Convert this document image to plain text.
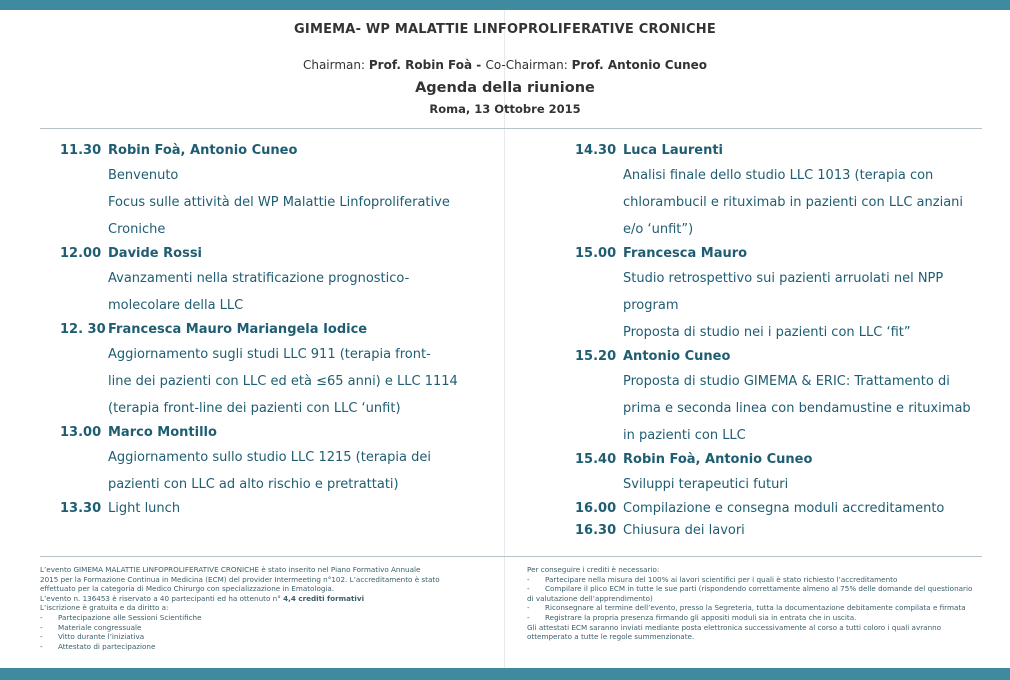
GIMEMA- WP MALATTIE LINFOPROLIFERATIVE CRONICHE
Chairman: Prof. Robin Foà - Co-Chairman: Prof. Antonio Cuneo
Agenda della riunione
Roma, 13 Ottobre 2015
11.30 Robin Foà, Antonio Cuneo
Benvenuto
Focus sulle attività del WP Malattie Linfoproliferative
Croniche
12.00 Davide Rossi
Avanzamenti nella stratificazione prognostico-
molecolare della LLC
12. 30 Francesca Mauro Mariangela Iodice
Aggiornamento sugli studi LLC 911 (terapia front-
line dei pazienti con LLC ed età ≤65 anni) e LLC 1114
(terapia front-line dei pazienti con LLC ‘unfit)
13.00 Marco Montillo
Aggiornamento sullo studio LLC 1215 (terapia dei
pazienti con LLC ad alto rischio e pretrattati)
13.30 Light lunch
14.30 Luca Laurenti
Analisi finale dello studio LLC 1013 (terapia con
chlorambucil e rituximab in pazienti con LLC anziani
e/o ‘unfit”)
15.00 Francesca Mauro
Studio retrospettivo sui pazienti arruolati nel NPP
program
Proposta di studio nei i pazienti con LLC ‘fit”
15.20 Antonio Cuneo
Proposta di studio GIMEMA & ERIC: Trattamento di
prima e seconda linea con bendamustine e rituximab
in pazienti con LLC
15.40 Robin Foà, Antonio Cuneo
Sviluppi terapeutici futuri
16.00 Compilazione e consegna moduli accreditamento
16.30 Chiusura dei lavori
L’evento GIMEMA MALATTIE LINFOPROLIFERATIVE CRONICHE è stato inserito nel Piano Formativo Annuale
2015 per la Formazione Continua in Medicina (ECM) del provider Intermeeting n°102. L’accreditamento è stato
effettuato per la categoria di Medico Chirurgo con specializzazione in Ematologia.
L’evento n. 136453 è riservato a 40 partecipanti ed ha ottenuto n° 4,4 crediti formativi
L’iscrizione è gratuita e da diritto a:
- Partecipazione alle Sessioni Scientifiche
- Materiale congressuale
- Vitto durante l’iniziativa
- Attestato di partecipazione
Per conseguire i crediti è necessario:
- Partecipare nella misura del 100% ai lavori scientifici per i quali è stato richiesto l’accreditamento
- Compilare il plico ECM in tutte le sue parti (rispondendo correttamente almeno al 75% delle domande del questionario
di valutazione dell’apprendimento)
- Riconsegnare al termine dell’evento, presso la Segreteria, tutta la documentazione debitamente compilata e firmata
- Registrare la propria presenza firmando gli appositi moduli sia in entrata che in uscita.
Gli attestati ECM saranno inviati mediante posta elettronica successivamente al corso a tutti coloro i quali avranno
ottemperato a tutte le regole summenzionate.
